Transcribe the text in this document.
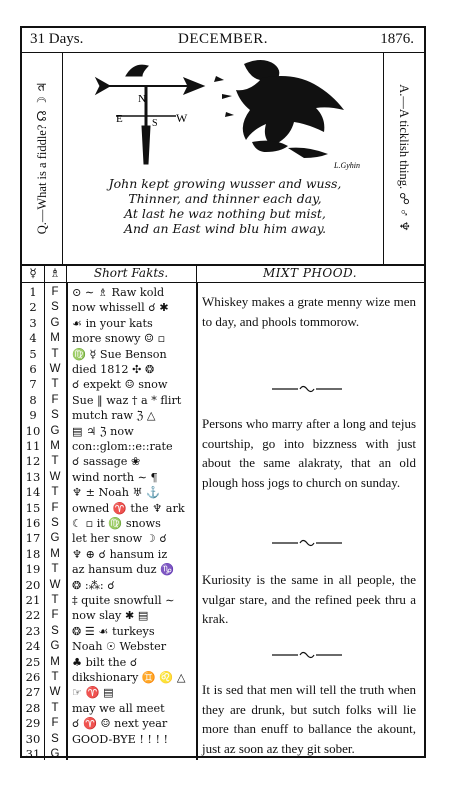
31 Days.	DECEMBER.	1876.
Q.—What is a fiddle? ☊ ☽ ♃	N
E	S W
L.Gyhin
John kept growing wusser and wuss,
Thinner, and thinner each day,
At last he waz nothing but mist,
And an East wind blu him away.	A.—A ticklish thing. ☍ ♂ ♆
☿	♗	Short Fakts.	MIXT PHOOD.
1	F	⊙ ∼ ♗ Raw kold
2	S	now whissell ☌ ✱
3	G	☙ in your kats
4	M	more snowy ☺ ▫
5	T	♍ ☿ Sue Benson
6	W	died 1812 ✣ ❂
7	T	☌ expekt ☺ snow
8	F	Sue ‖ waz † a * flirt
9	S	mutch raw ℨ △
10 G	▤ ♃ ℨ now
11 M	con::glom::e::rate
12 T	☌ sassage ❀
13 W	wind north ∼ ¶
14 T	♆ ± Noah ♅ ⚓
15 F	owned ♈ the ♆ ark
16 S	☾ ▫ it ♍ snows
17 G	let her snow ☽ ☌
18 M	♆ ⊕ ☌ hansum iz
19 T	az hansum duz ♑
20 W	❂ :⁂: ☌
21 T	‡ quite snowfull ∼
22 F	now slay ✱ ▤
23 S	❂ ☰ ☙ turkeys
24 G	Noah ☉ Webster
25 M	♣ bilt the ☌
26 T	dikshionary ♊ ♌ △
27 W	☞ ♈ ▤
28 T	may we all meet
29 F	☌ ♈ ☺ next year
30 S	GOOD-BYE ! ! ! !
31 G
Whiskey makes a grate menny wize men to day, and phools tommorow.
Persons who marry after a long and tejus courtship, go into bizzness with just about the same alakraty, that an old plough hoss jogs to church on sunday.
Kuriosity is the same in all people, the vulgar stare, and the refined peek thru a krak.
It is sed that men will tell the truth when they are drunk, but sutch folks will lie more than enuff to ballance the akount, just az soon az they git sober.
